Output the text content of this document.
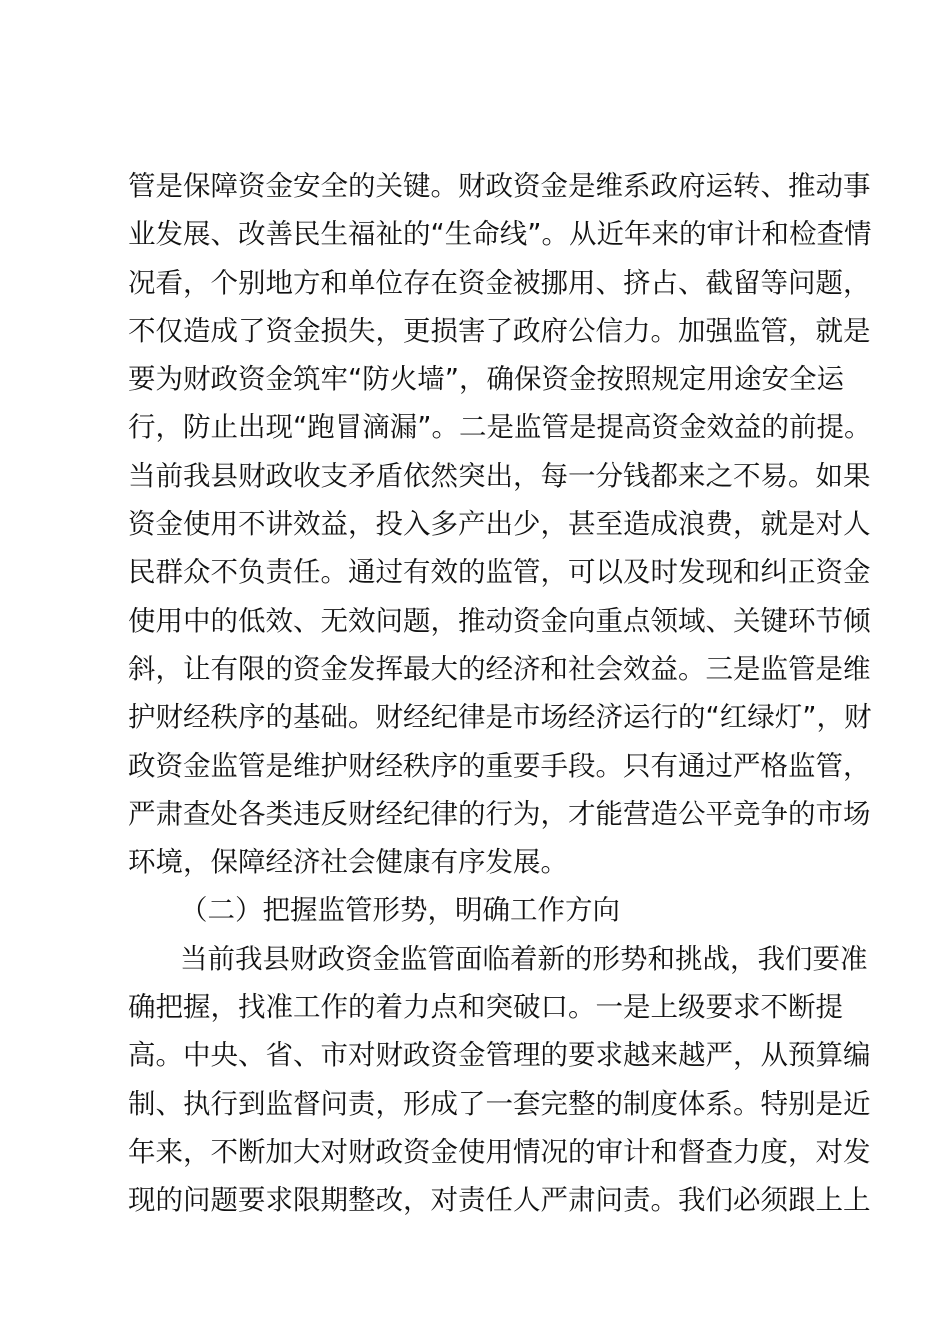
管是保障资金安全的关键。财政资金是维系政府运转、推动事
业发展、改善民生福祉的“生命线”。从近年来的审计和检查情
况看，个别地方和单位存在资金被挪用、挤占、截留等问题，
不仅造成了资金损失，更损害了政府公信力。加强监管，就是
要为财政资金筑牢“防火墙”，确保资金按照规定用途安全运
行，防止出现“跑冒滴漏”。二是监管是提高资金效益的前提。
当前我县财政收支矛盾依然突出，每一分钱都来之不易。如果
资金使用不讲效益，投入多产出少，甚至造成浪费，就是对人
民群众不负责任。通过有效的监管，可以及时发现和纠正资金
使用中的低效、无效问题，推动资金向重点领域、关键环节倾
斜，让有限的资金发挥最大的经济和社会效益。三是监管是维
护财经秩序的基础。财经纪律是市场经济运行的“红绿灯”，财
政资金监管是维护财经秩序的重要手段。只有通过严格监管，
严肃查处各类违反财经纪律的行为，才能营造公平竞争的市场
环境，保障经济社会健康有序发展。
（二）把握监管形势，明确工作方向
当前我县财政资金监管面临着新的形势和挑战，我们要准
确把握，找准工作的着力点和突破口。一是上级要求不断提
高。中央、省、市对财政资金管理的要求越来越严，从预算编
制、执行到监督问责，形成了一套完整的制度体系。特别是近
年来，不断加大对财政资金使用情况的审计和督查力度，对发
现的问题要求限期整改，对责任人严肃问责。我们必须跟上上
